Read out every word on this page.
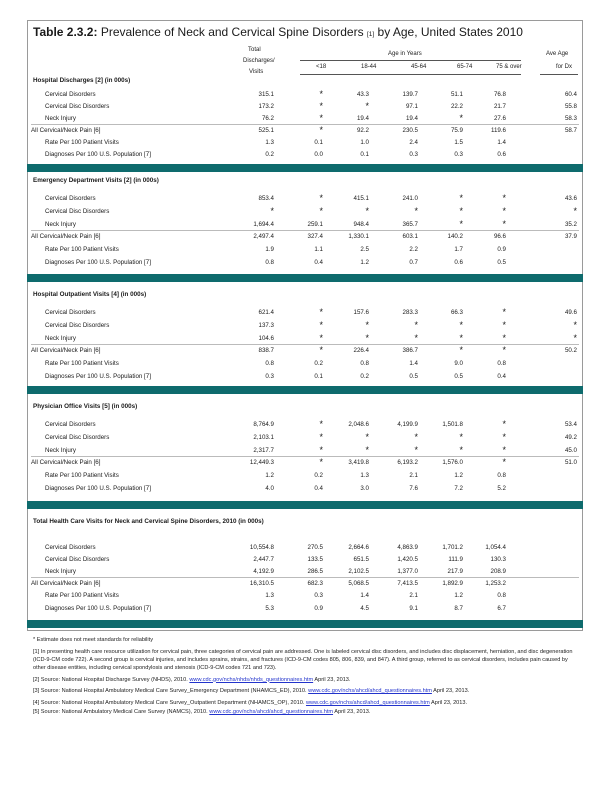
Table 2.3.2: Prevalence of Neck and Cervical Spine Disorders [1] by Age, United States 2010
Total
Discharges/
Visits
Age in Years
<18	18-44	45-64	65-74	75 & over
Ave Age
for Dx
Hospital Discharges [2] (in 000s)
Cervical Disorders	315.1	*	43.3	139.7	51.1	76.8	60.4
Cervical Disc Disorders	173.2	*	*	97.1	22.2	21.7	55.8
Neck Injury	76.2	*	19.4	19.4	*	27.6	58.3
All Cervical/Neck Pain [6]	525.1	*	92.2	230.5	75.9	119.6	58.7
Rate Per 100 Patient Visits	1.3	0.1	1.0	2.4	1.5	1.4
Diagnoses Per 100 U.S. Population [7]	0.2	0.0	0.1	0.3	0.3	0.6
Emergency Department Visits [2] (in 000s)
Cervical Disorders	853.4	*	415.1	241.0	*	*	43.6
Cervical Disc Disorders	*	*	*	*	*	*	*
Neck Injury	1,694.4	259.1	948.4	365.7	*	*	35.2
All Cervical/Neck Pain [6]	2,497.4	327.4	1,330.1	603.1	140.2	96.6	37.9
Rate Per 100 Patient Visits	1.9	1.1	2.5	2.2	1.7	0.9
Diagnoses Per 100 U.S. Population [7]	0.8	0.4	1.2	0.7	0.6	0.5
Hospital Outpatient Visits [4] (in 000s)
Cervical Disorders	621.4	*	157.6	283.3	66.3	*	49.6
Cervical Disc Disorders	137.3	*	*	*	*	*	*
Neck Injury	104.6	*	*	*	*	*	*
All Cervical/Neck Pain [6]	838.7	*	226.4	386.7	*	*	50.2
Rate Per 100 Patient Visits	0.8	0.2	0.8	1.4	9.0	0.8
Diagnoses Per 100 U.S. Population [7]	0.3	0.1	0.2	0.5	0.5	0.4
Physician Office Visits [5] (in 000s)
Cervical Disorders	8,764.9	*	2,048.6	4,199.9	1,501.8	*	53.4
Cervical Disc Disorders	2,103.1	*	*	*	*	*	49.2
Neck Injury	2,317.7	*	*	*	*	*	45.0
All Cervical/Neck Pain [6]	12,449.3	*	3,419.8	6,193.2	1,576.0	*	51.0
Rate Per 100 Patient Visits	1.2	0.2	1.3	2.1	1.2	0.8
Diagnoses Per 100 U.S. Population [7]	4.0	0.4	3.0	7.6	7.2	5.2
Total Health Care Visits for Neck and Cervical Spine Disorders, 2010 (in 000s)
Cervical Disorders	10,554.8	270.5	2,664.6	4,863.9	1,701.2	1,054.4
Cervical Disc Disorders	2,447.7	133.5	651.5	1,420.5	111.9	130.3
Neck Injury	4,192.9	286.5	2,102.5	1,377.0	217.9	208.9
All Cervical/Neck Pain [6]	16,310.5	682.3	5,068.5	7,413.5	1,892.9	1,253.2
Rate Per 100 Patient Visits	1.3	0.3	1.4	2.1	1.2	0.8
Diagnoses Per 100 U.S. Population [7]	5.3	0.9	4.5	9.1	8.7	6.7

* Estimate does not meet standards for reliability

[1] In presenting health care resource utilization for cervical pain, three categories of cervical pain are addressed. One is labeled cervical disc disorders, and includes disc displacement, herniation, and disc degeneration (ICD-9-CM code 722). A second group is cervical injuries, and includes sprains, strains, and fractures (ICD-9-CM codes 805, 806, 839, and 847). A third group, referred to as cervical disorders, includes pain caused by other disease entities, including cervical spondylosis and stenosis (ICD-9-CM codes 721 and 723).

[2] Source: National Hospital Discharge Survey (NHDS), 2010. www.cdc.gov/nchs/nhds/nhds_questionnaires.htm April 23, 2013.

[3] Source: National Hospital Ambulatory Medical Care Survey_Emergency Department (NHAMCS_ED), 2010. www.cdc.gov/nchs/ahcd/ahcd_questionnaires.htm April 23, 2013.

[4] Source: National Hospital Ambulatory Medical Care Survey_Outpatient Department (NHAMCS_OP), 2010. www.cdc.gov/nchs/ahcd/ahcd_questionnaires.htm April 23, 2013.

[5] Source: National Ambulatory Medical Care Survey (NAMCS), 2010. www.cdc.gov/nchs/ahcd/ahcd_questionnaires.htm April 23, 2013.
